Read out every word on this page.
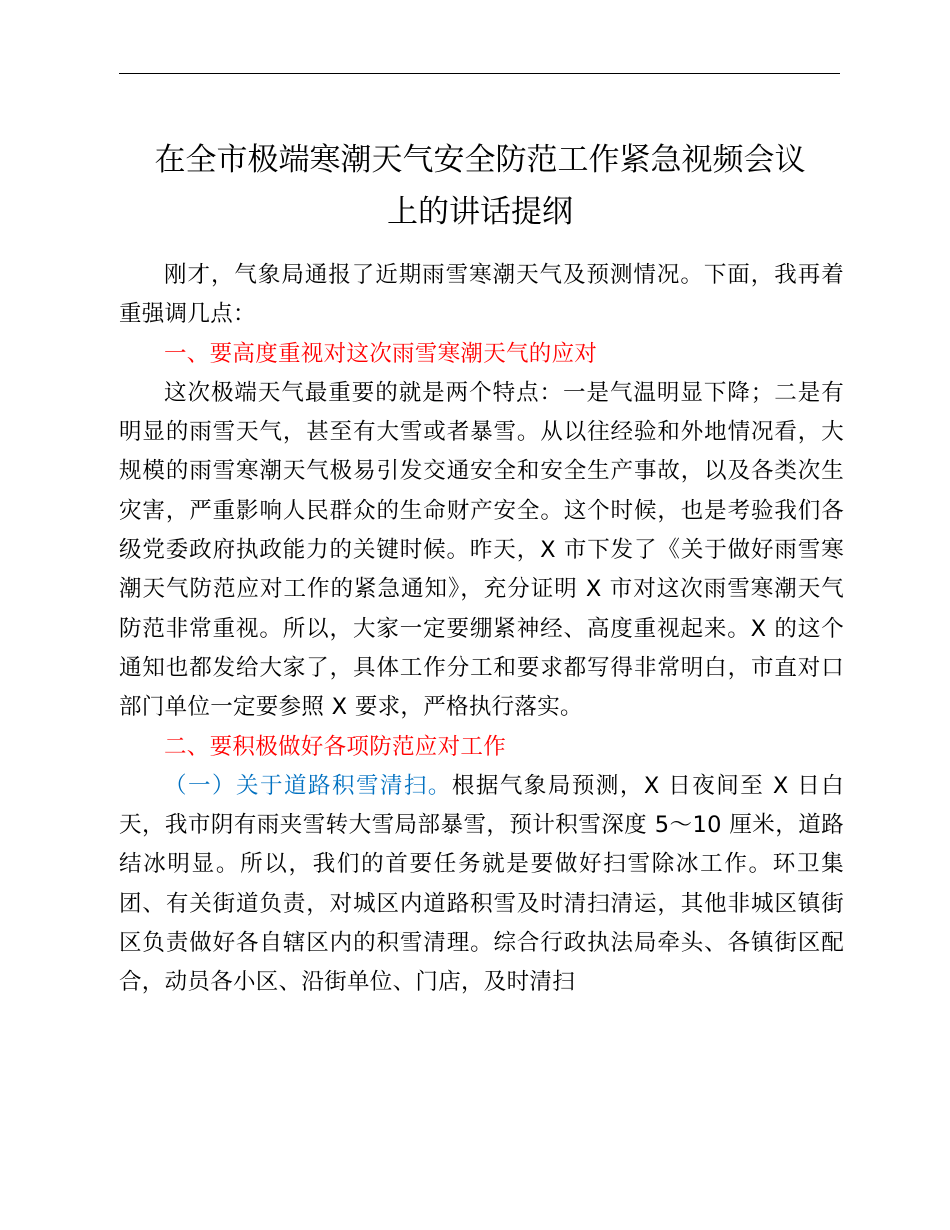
在全市极端寒潮天气安全防范工作紧急视频会议
上的讲话提纲

刚才，气象局通报了近期雨雪寒潮天气及预测情况。下面，我再着重强调几点：

一、要高度重视对这次雨雪寒潮天气的应对

这次极端天气最重要的就是两个特点：一是气温明显下降；二是有明显的雨雪天气，甚至有大雪或者暴雪。从以往经验和外地情况看，大规模的雨雪寒潮天气极易引发交通安全和安全生产事故，以及各类次生灾害，严重影响人民群众的生命财产安全。这个时候，也是考验我们各级党委政府执政能力的关键时候。昨天，X 市下发了《关于做好雨雪寒潮天气防范应对工作的紧急通知》，充分证明 X 市对这次雨雪寒潮天气防范非常重视。所以，大家一定要绷紧神经、高度重视起来。X 的这个通知也都发给大家了，具体工作分工和要求都写得非常明白，市直对口部门单位一定要参照 X 要求，严格执行落实。

二、要积极做好各项防范应对工作

（一）关于道路积雪清扫。根据气象局预测，X 日夜间至 X 日白天，我市阴有雨夹雪转大雪局部暴雪，预计积雪深度 5～10 厘米，道路结冰明显。所以，我们的首要任务就是要做好扫雪除冰工作。环卫集团、有关街道负责，对城区内道路积雪及时清扫清运，其他非城区镇街区负责做好各自辖区内的积雪清理。综合行政执法局牵头、各镇街区配合，动员各小区、沿街单位、门店，及时清扫
